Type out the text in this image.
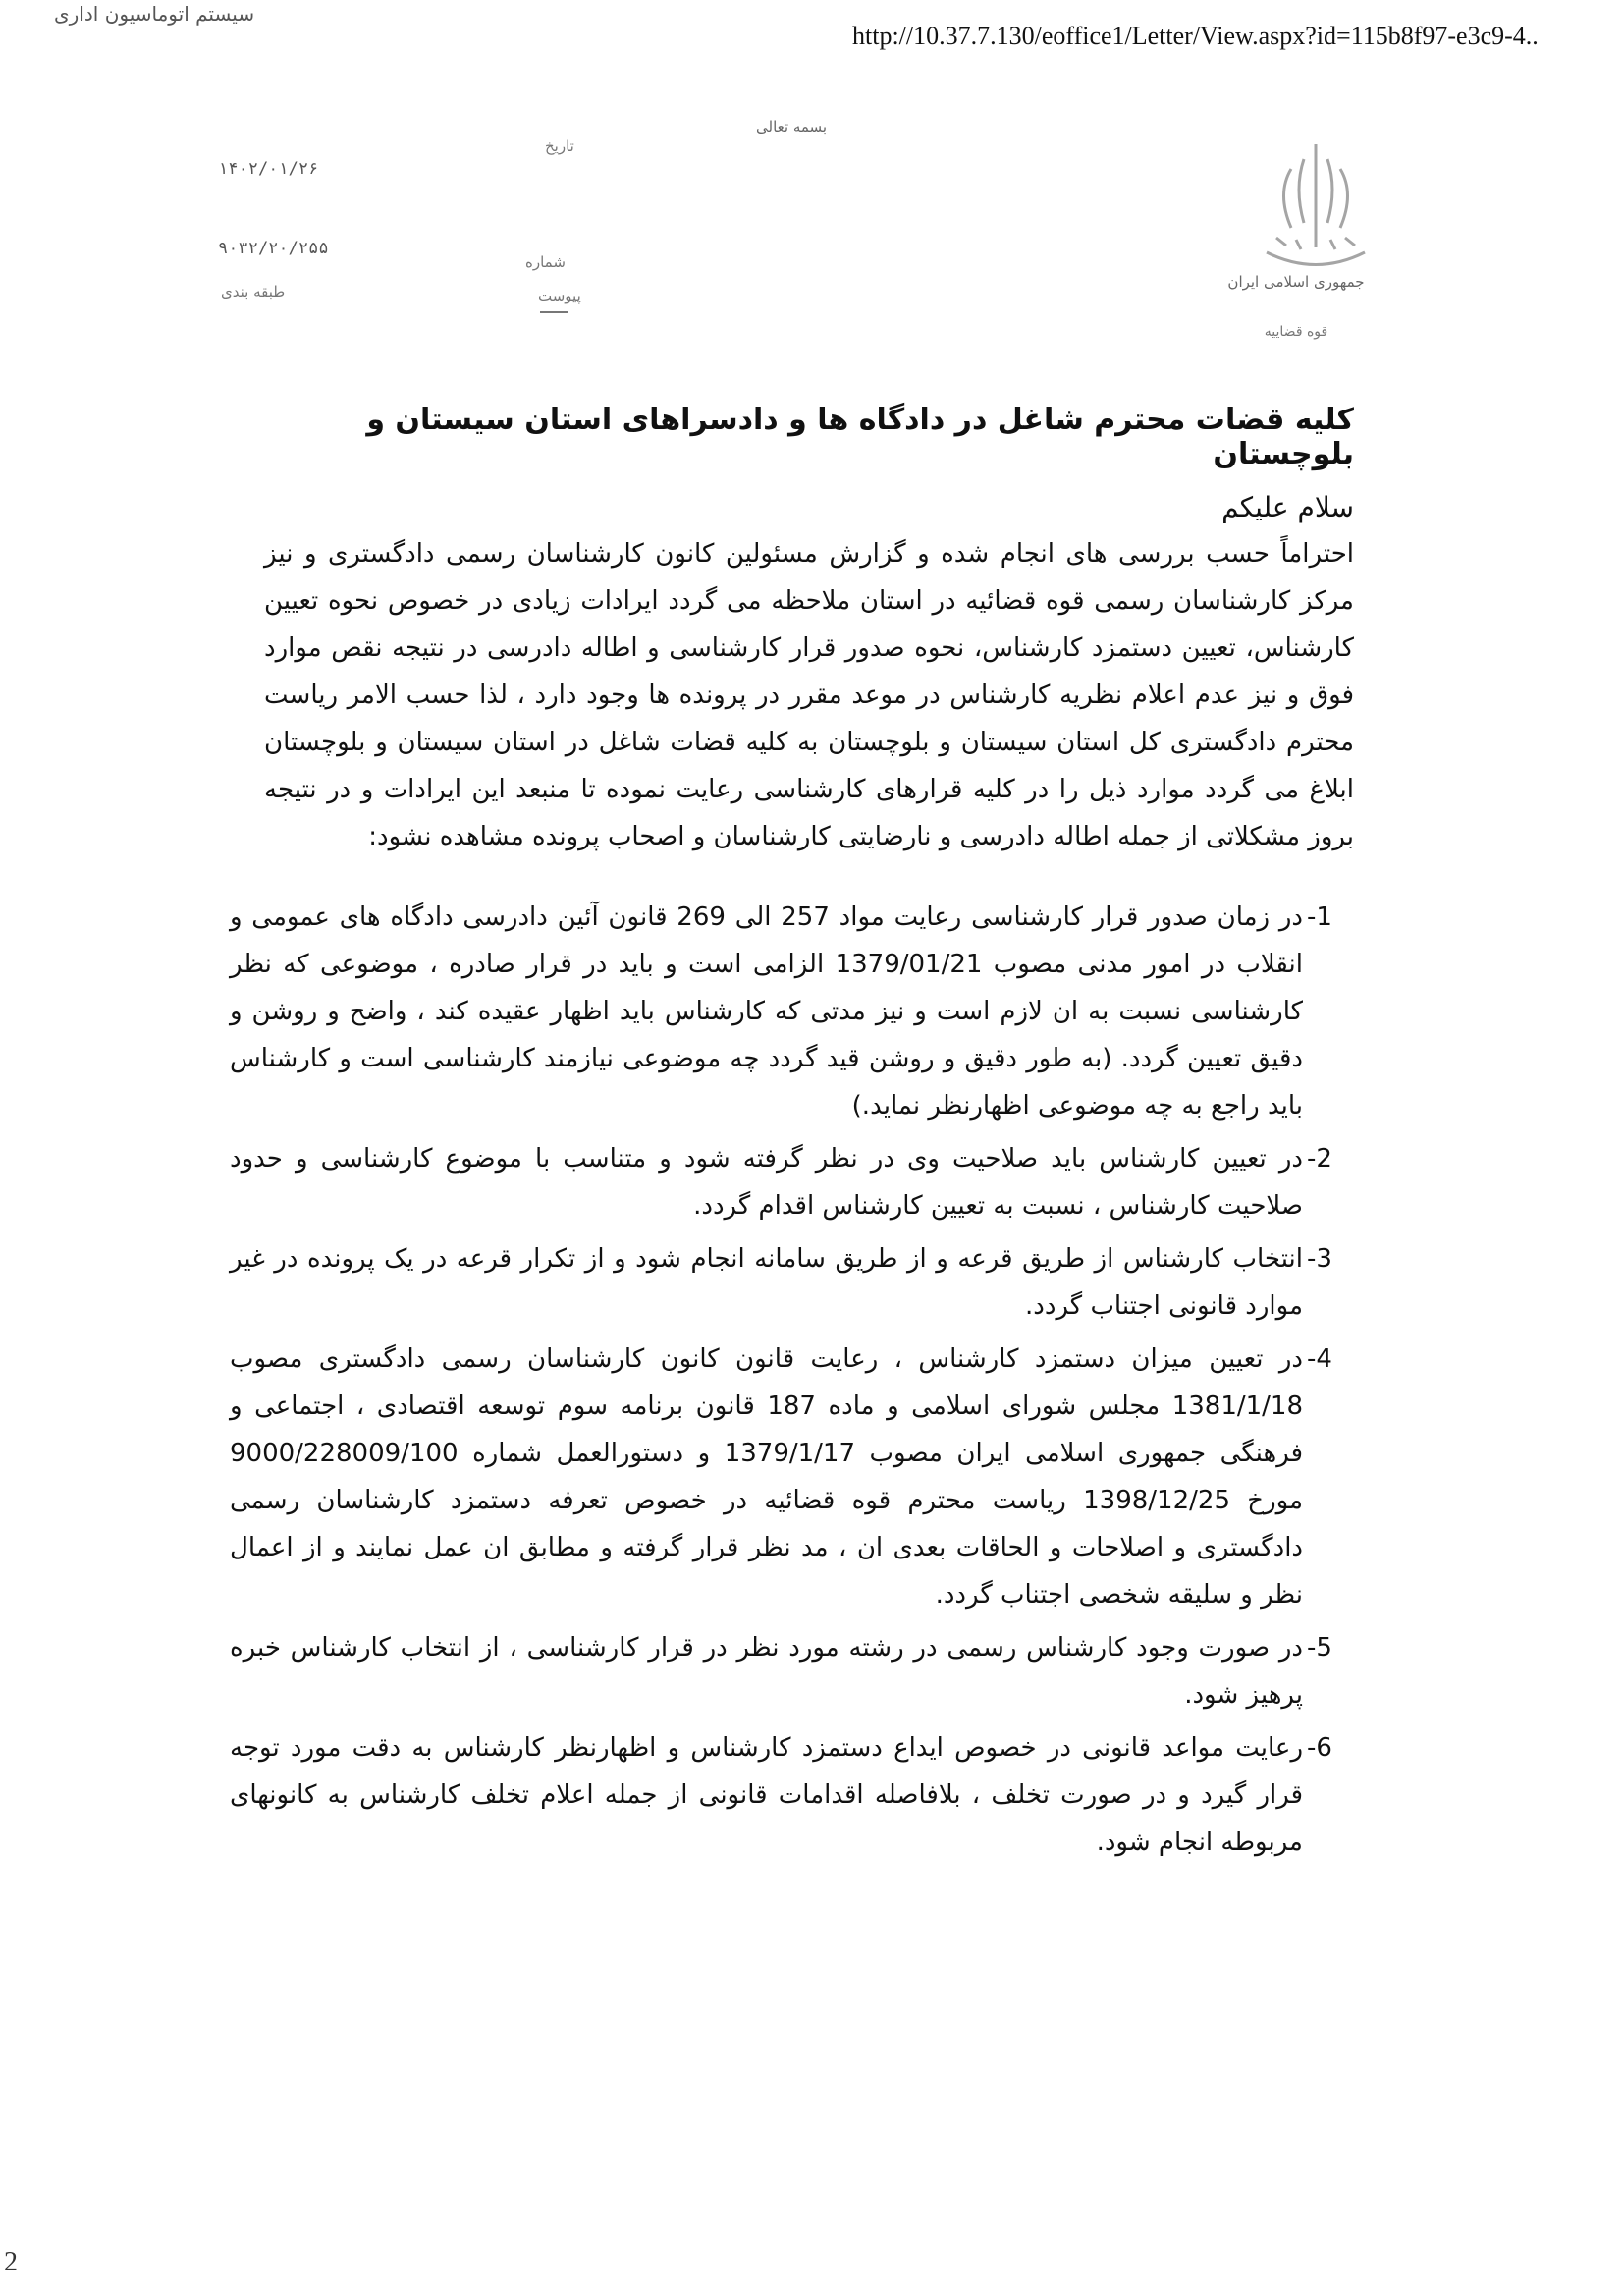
سیستم اتوماسیون اداری
http://10.37.7.130/eoffice1/Letter/View.aspx?id=115b8f97-e3c9-4..
بسمه تعالی
جمهوری اسلامی ایران
قوه قضاییه
تاریخ
۱۴۰۲/۰۱/۲۶
۹۰۳۲/۲۰/۲۵۵
شماره
طبقه بندی	پیوست
کلیه قضات محترم شاغل در دادگاه ها و دادسراهای استان سیستان و بلوچستان
سلام علیکم
احتراماً حسب بررسی های انجام شده و گزارش مسئولین کانون کارشناسان رسمی دادگستری و نیز مرکز کارشناسان رسمی قوه قضائیه در استان ملاحظه می گردد ایرادات زیادی در خصوص نحوه تعیین کارشناس، تعیین دستمزد کارشناس، نحوه صدور قرار کارشناسی و اطاله دادرسی در نتیجه نقص موارد فوق و نیز عدم اعلام نظریه کارشناس در موعد مقرر در پرونده ها وجود دارد ، لذا حسب الامر ریاست محترم دادگستری کل استان سیستان و بلوچستان به کلیه قضات شاغل در استان سیستان و بلوچستان ابلاغ می گردد موارد ذیل را در کلیه قرارهای کارشناسی رعایت نموده تا منبعد این ایرادات و در نتیجه بروز مشکلاتی از جمله اطاله دادرسی و نارضایتی کارشناسان و اصحاب پرونده مشاهده نشود:
1-
در زمان صدور قرار کارشناسی رعایت مواد 257 الی 269 قانون آئین دادرسی دادگاه های عمومی و انقلاب در امور مدنی مصوب 1379/01/21 الزامی است و باید در قرار صادره ، موضوعی که نظر کارشناسی نسبت به ان لازم است و نیز مدتی که کارشناس باید اظهار عقیده کند ، واضح و روشن و دقیق تعیین گردد. (به طور دقیق و روشن قید گردد چه موضوعی نیازمند کارشناسی است و کارشناس باید راجع به چه موضوعی اظهارنظر نماید.)
2-
در تعیین کارشناس باید صلاحیت وی در نظر گرفته شود و متناسب با موضوع کارشناسی و حدود صلاحیت کارشناس ، نسبت به تعیین کارشناس اقدام گردد.
3-
انتخاب کارشناس از طریق قرعه و از طریق سامانه انجام شود و از تکرار قرعه در یک پرونده در غیر موارد قانونی اجتناب گردد.
4-
در تعیین میزان دستمزد کارشناس ، رعایت قانون کانون کارشناسان رسمی دادگستری مصوب 1381/1/18 مجلس شورای اسلامی و ماده 187 قانون برنامه سوم توسعه اقتصادی ، اجتماعی و فرهنگی جمهوری اسلامی ایران مصوب 1379/1/17 و دستورالعمل شماره 9000/228009/100 مورخ 1398/12/25 ریاست محترم قوه قضائیه در خصوص تعرفه دستمزد کارشناسان رسمی دادگستری و اصلاحات و الحاقات بعدی ان ، مد نظر قرار گرفته و مطابق ان عمل نمایند و از اعمال نظر و سلیقه شخصی اجتناب گردد.
5-
در صورت وجود کارشناس رسمی در رشته مورد نظر در قرار کارشناسی ، از انتخاب کارشناس خبره پرهیز شود.
6-
رعایت مواعد قانونی در خصوص ایداع دستمزد کارشناس و اظهارنظر کارشناس به دقت مورد توجه قرار گیرد و در صورت تخلف ، بلافاصله اقدامات قانونی از جمله اعلام تخلف کارشناس به کانونهای مربوطه انجام شود.
2
